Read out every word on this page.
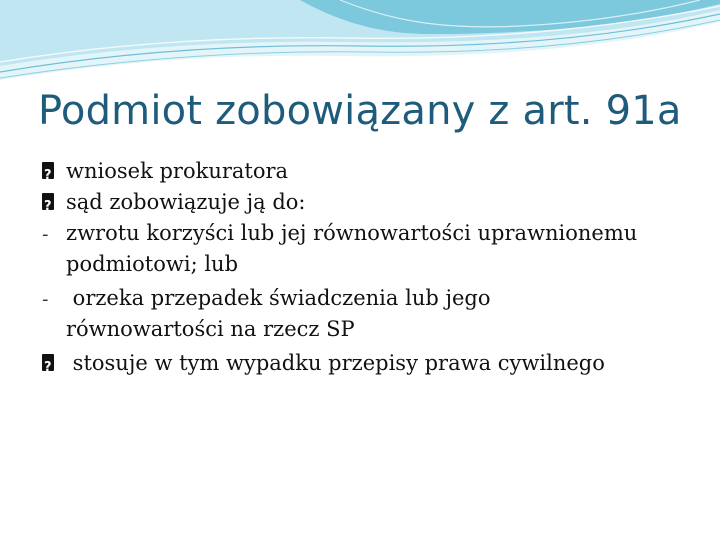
Podmiot zobowiązany z art. 91a
?
wniosek prokuratora
?
sąd zobowiązuje ją do:
- zwrotu korzyści lub jej równowartości uprawnionemu
podmiotowi; lub
- orzeka przepadek świadczenia lub jego
równowartości na rzecz SP
?
stosuje w tym wypadku przepisy prawa cywilnego
